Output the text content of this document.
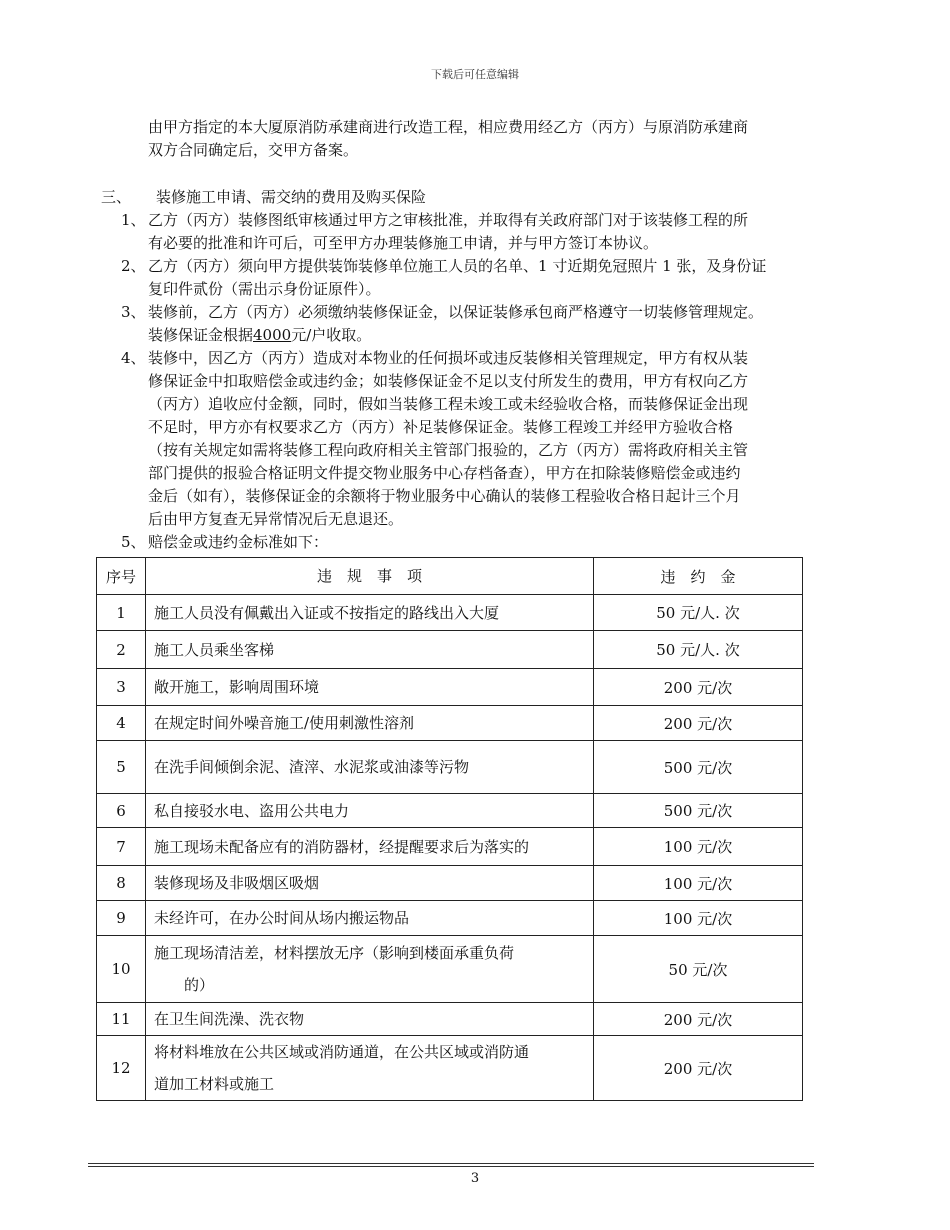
下载后可任意编辑
由甲方指定的本大厦原消防承建商进行改造工程，相应费用经乙方（丙方）与原消防承建商
双方合同确定后，交甲方备案。
三、 装修施工申请、需交纳的费用及购买保险
1、 乙方（丙方）装修图纸审核通过甲方之审核批准，并取得有关政府部门对于该装修工程的所
有必要的批准和许可后，可至甲方办理装修施工申请，并与甲方签订本协议。
2、 乙方（丙方）须向甲方提供装饰装修单位施工人员的名单、1 寸近期免冠照片 1 张，及身份证
复印件贰份（需出示身份证原件）。
3、 装修前，乙方（丙方）必须缴纳装修保证金，以保证装修承包商严格遵守一切装修管理规定。
装修保证金根据4000元/户收取。
4、 装修中，因乙方（丙方）造成对本物业的任何损坏或违反装修相关管理规定，甲方有权从装
修保证金中扣取赔偿金或违约金；如装修保证金不足以支付所发生的费用，甲方有权向乙方
（丙方）追收应付金额，同时，假如当装修工程未竣工或未经验收合格，而装修保证金出现
不足时，甲方亦有权要求乙方（丙方）补足装修保证金。装修工程竣工并经甲方验收合格
（按有关规定如需将装修工程向政府相关主管部门报验的，乙方（丙方）需将政府相关主管
部门提供的报验合格证明文件提交物业服务中心存档备查），甲方在扣除装修赔偿金或违约
金后（如有），装修保证金的余额将于物业服务中心确认的装修工程验收合格日起计三个月
后由甲方复查无异常情况后无息退还。
5、 赔偿金或违约金标准如下：
序号	违　规　事　项	违　约　金
1	施工人员没有佩戴出入证或不按指定的路线出入大厦	50 元/人. 次
2	施工人员乘坐客梯	50 元/人. 次
3	敞开施工，影响周围环境	200 元/次
4	在规定时间外噪音施工/使用刺激性溶剂	200 元/次
5	在洗手间倾倒余泥、渣滓、水泥浆或油漆等污物	500 元/次
6	私自接驳水电、盗用公共电力	500 元/次
7	施工现场未配备应有的消防器材，经提醒要求后为落实的	100 元/次
8	装修现场及非吸烟区吸烟	100 元/次
9	未经许可，在办公时间从场内搬运物品	100 元/次
10	施工现场清洁差，材料摆放无序（影响到楼面承重负荷
的）	50 元/次
11	在卫生间洗澡、洗衣物	200 元/次
12	将材料堆放在公共区域或消防通道，在公共区域或消防通
道加工材料或施工	200 元/次
3
